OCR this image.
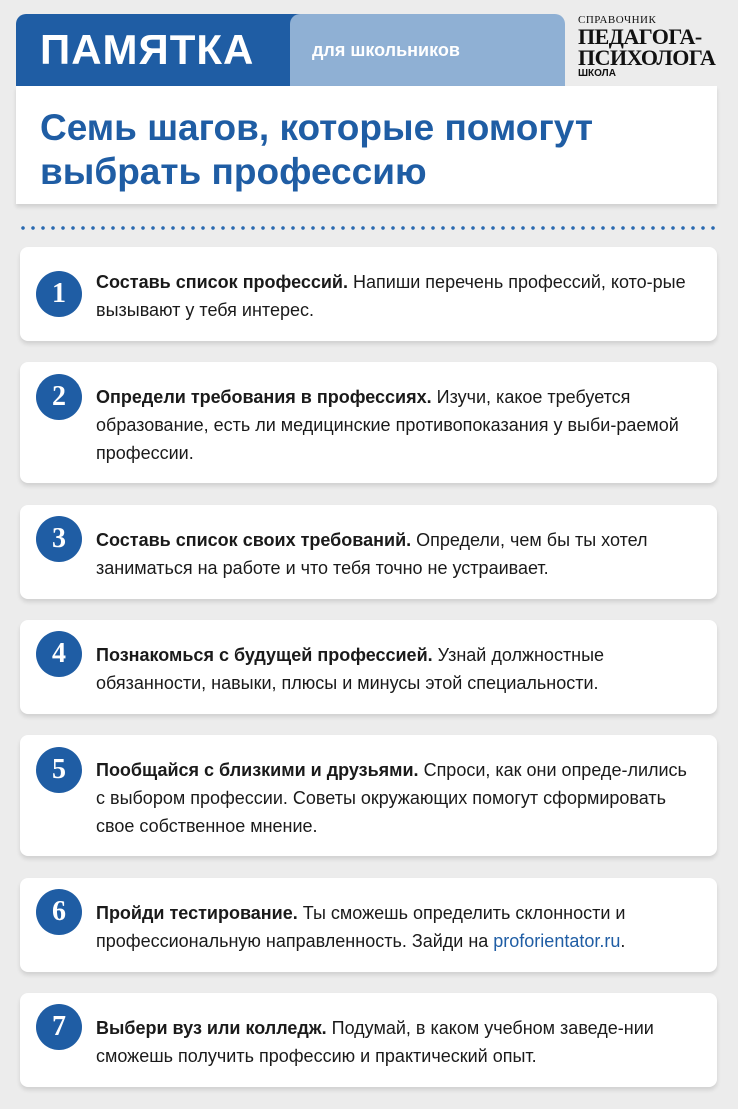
ПАМЯТКА	для школьников
СПРАВОЧНИК
ПЕДАГОГА-
ПСИХОЛОГА
ШКОЛА
Семь шагов, которые помогут выбрать профессию
1	Составь список профессий. Напиши перечень профессий, кото-рые вызывают у тебя интерес.
2	Определи требования в профессиях. Изучи, какое требуется образование, есть ли медицинские противопоказания у выби-раемой профессии.
3	Составь список своих требований. Определи, чем бы ты хотел заниматься на работе и что тебя точно не устраивает.
4	Познакомься с будущей профессией. Узнай должностные обязанности, навыки, плюсы и минусы этой специальности.
5	Пообщайся с близкими и друзьями. Спроси, как они опреде-лились с выбором профессии. Советы окружающих помогут сформировать свое собственное мнение.
6	Пройди тестирование. Ты сможешь определить склонности и профессиональную направленность. Зайди на proforientator.ru.
7	Выбери вуз или колледж. Подумай, в каком учебном заведе-нии сможешь получить профессию и практический опыт.
